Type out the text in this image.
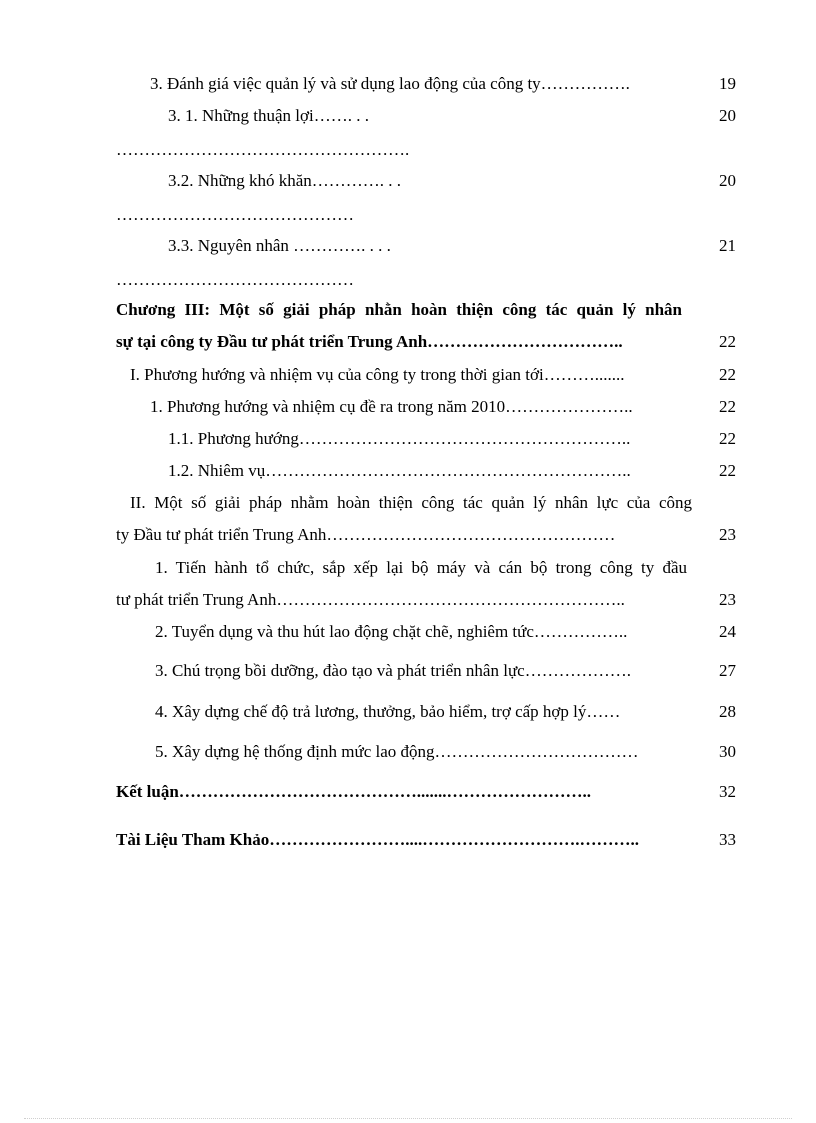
3. Đánh giá việc quản lý và sử dụng lao động của công ty…………….	19
3. 1. Những thuận lợi……. . .	20
…………………………………………….
3.2. Những khó khăn…………. . .	20
……………………………………
3.3. Nguyên nhân …………. . . .	21
……………………………………
Chương III: Một số giải pháp nhằn hoàn thiện công tác quản lý nhân
sự tại công ty Đầu tư phát triển Trung Anh……………………………..	22
I. Phương hướng và nhiệm vụ của công ty trong thời gian tới……….......	22
1. Phương hướng và nhiệm cụ đề ra trong năm 2010…………………..	22
1.1. Phương hướng…………………………………………………..	22
1.2. Nhiêm vụ………………………………………………………..	22
II. Một số giải pháp nhằm hoàn thiện công tác quản lý nhân lực của công
ty Đầu tư phát triển Trung Anh……………………………………………	23
1. Tiến hành tổ chức, sắp xếp lại bộ máy và cán bộ trong công ty đầu
tư phát triển Trung Anh……………………………………………………..	23
2. Tuyển dụng và thu hút lao động chặt chẽ, nghiêm tức……………..	24
3. Chú trọng bồi dưỡng, đào tạo và phát triển nhân lực……………….	27
4. Xây dựng chế độ trả lương, thưởng, bảo hiểm, trợ cấp hợp lý……	28
5. Xây dựng hệ thống định mức lao động………………………………	30
Kết luận…………………………………….......……………………..	32
Tài Liệu Tham Khảo……………………....……………………….………..	33
